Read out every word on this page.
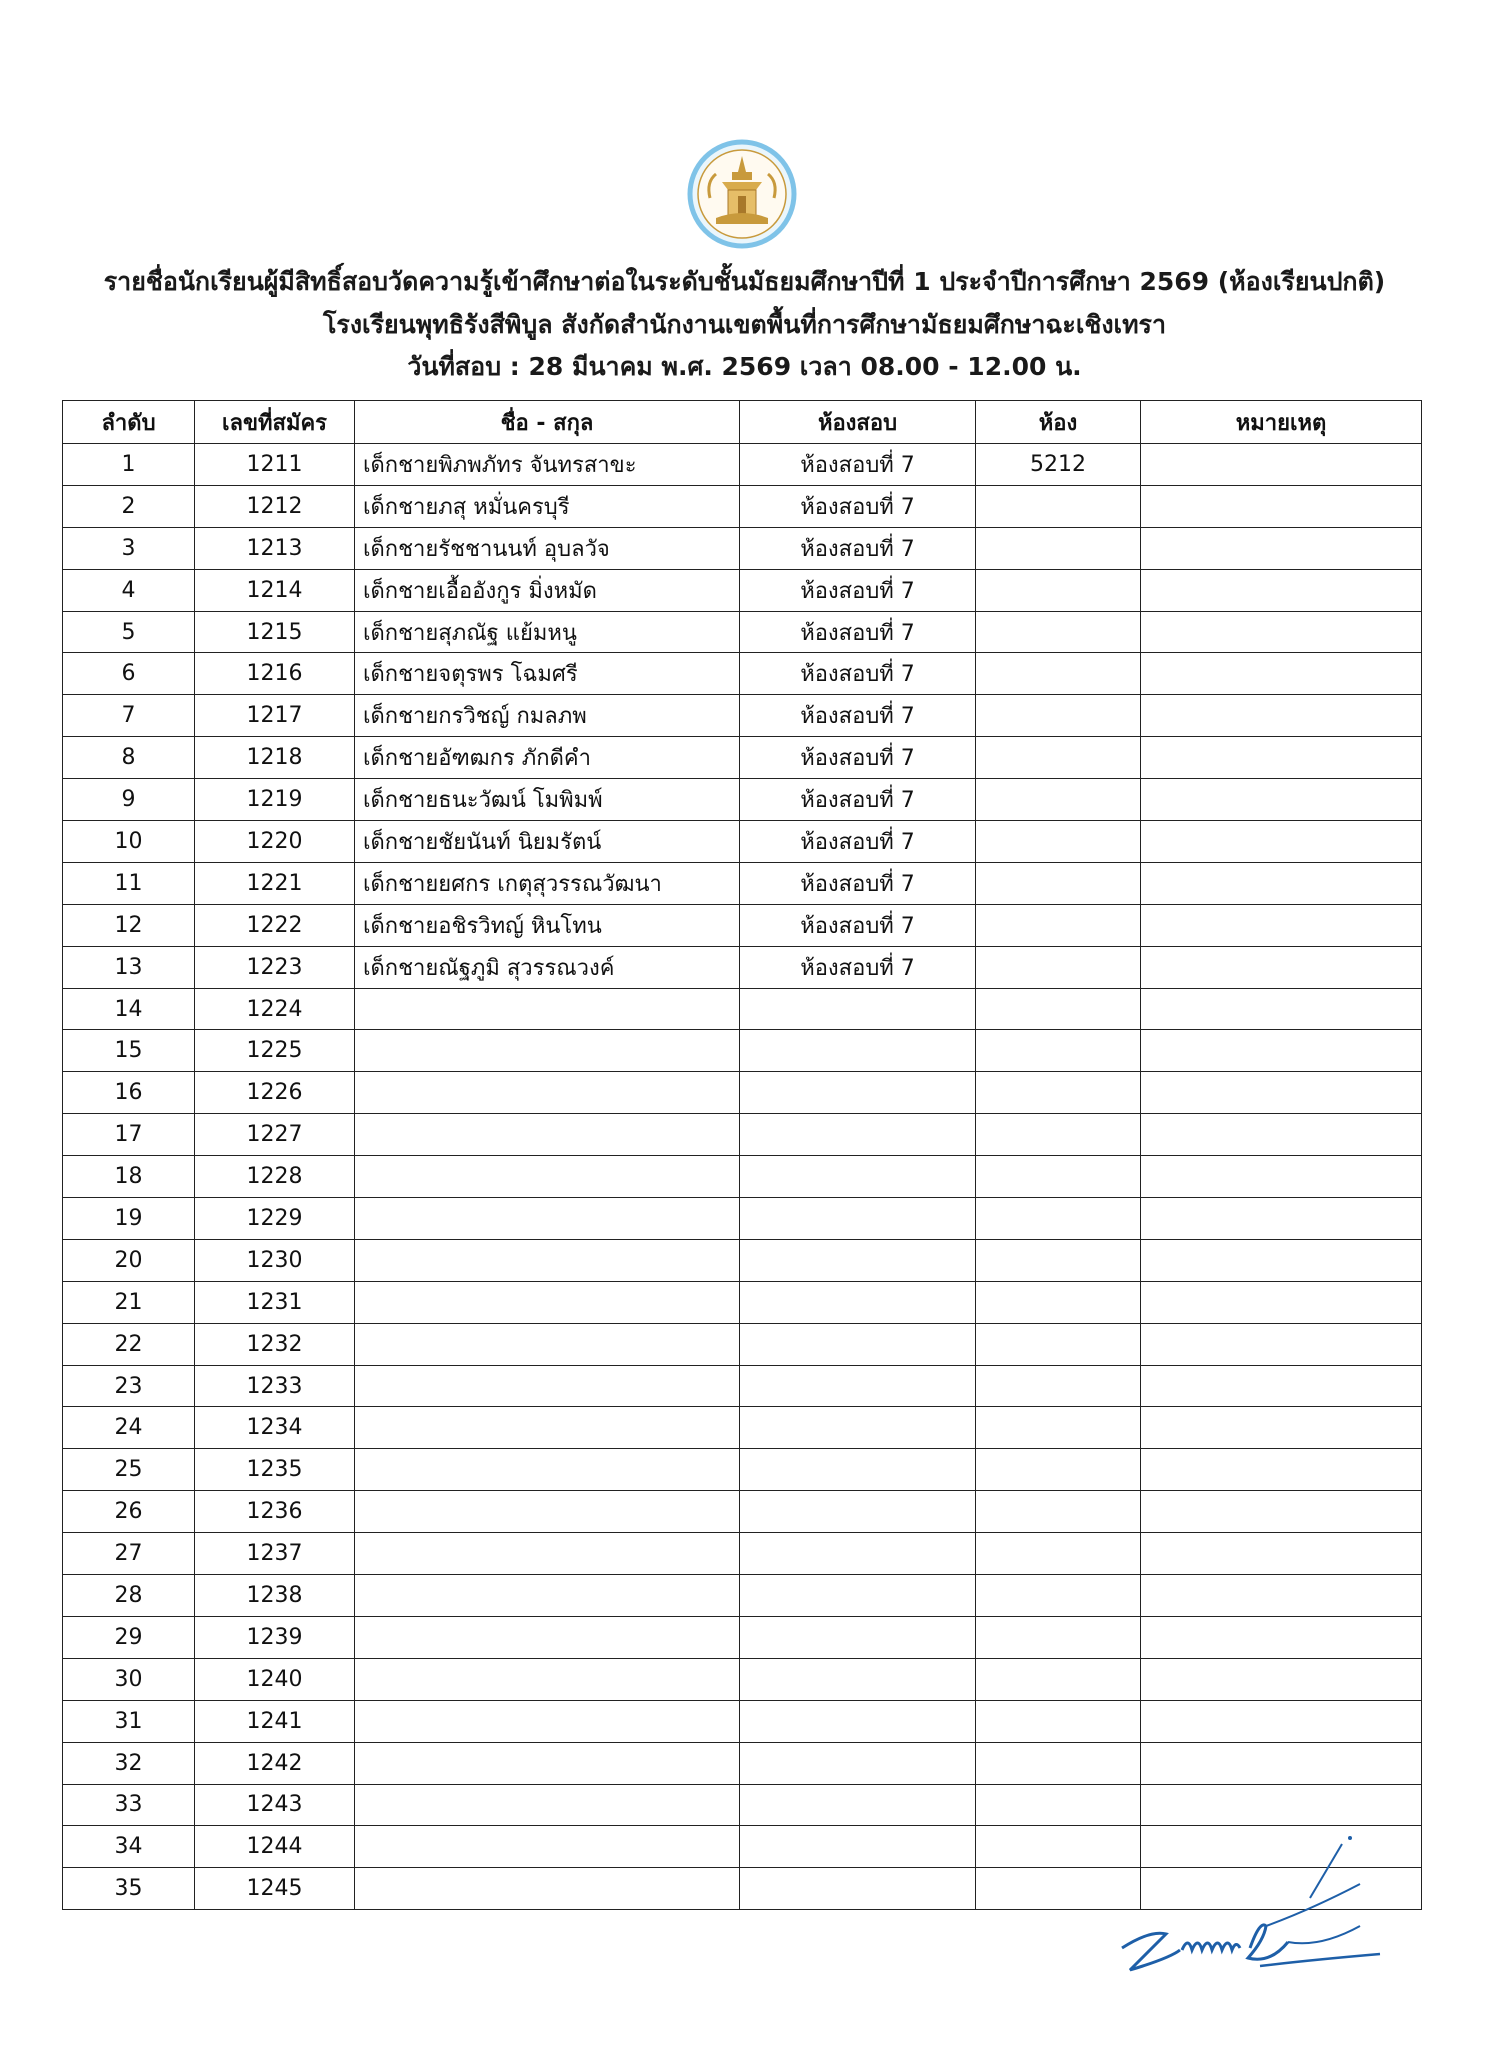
รายชื่อนักเรียนผู้มีสิทธิ์สอบวัดความรู้เข้าศึกษาต่อในระดับชั้นมัธยมศึกษาปีที่ 1 ประจำปีการศึกษา 2569 (ห้องเรียนปกติ)
โรงเรียนพุทธิรังสีพิบูล สังกัดสำนักงานเขตพื้นที่การศึกษามัธยมศึกษาฉะเชิงเทรา
วันที่สอบ : 28 มีนาคม พ.ศ. 2569 เวลา 08.00 - 12.00 น.
ลำดับ	เลขที่สมัคร	ชื่อ - สกุล	ห้องสอบ	ห้อง	หมายเหตุ
1	1211	เด็กชายพิภพภัทร จันทรสาขะ	ห้องสอบที่ 7	5212	
2	1212	เด็กชายภสุ หมั่นครบุรี	ห้องสอบที่ 7		
3	1213	เด็กชายรัชชานนท์ อุบลวัจ	ห้องสอบที่ 7		
4	1214	เด็กชายเอื้ออังกูร มิ่งหมัด	ห้องสอบที่ 7		
5	1215	เด็กชายสุภณัฐ แย้มหนู	ห้องสอบที่ 7		
6	1216	เด็กชายจตุรพร โฉมศรี	ห้องสอบที่ 7		
7	1217	เด็กชายกรวิชญ์ กมลภพ	ห้องสอบที่ 7		
8	1218	เด็กชายอัฑฒกร ภักดีคำ	ห้องสอบที่ 7		
9	1219	เด็กชายธนะวัฒน์ โมพิมพ์	ห้องสอบที่ 7		
10	1220	เด็กชายชัยนันท์ นิยมรัตน์	ห้องสอบที่ 7		
11	1221	เด็กชายยศกร เกตุสุวรรณวัฒนา	ห้องสอบที่ 7		
12	1222	เด็กชายอชิรวิทญ์ หินโทน	ห้องสอบที่ 7		
13	1223	เด็กชายณัฐภูมิ สุวรรณวงค์	ห้องสอบที่ 7		
14	1224				
15	1225				
16	1226				
17	1227				
18	1228				
19	1229				
20	1230				
21	1231				
22	1232				
23	1233				
24	1234				
25	1235				
26	1236				
27	1237				
28	1238				
29	1239				
30	1240				
31	1241				
32	1242				
33	1243				
34	1244				
35	1245				
